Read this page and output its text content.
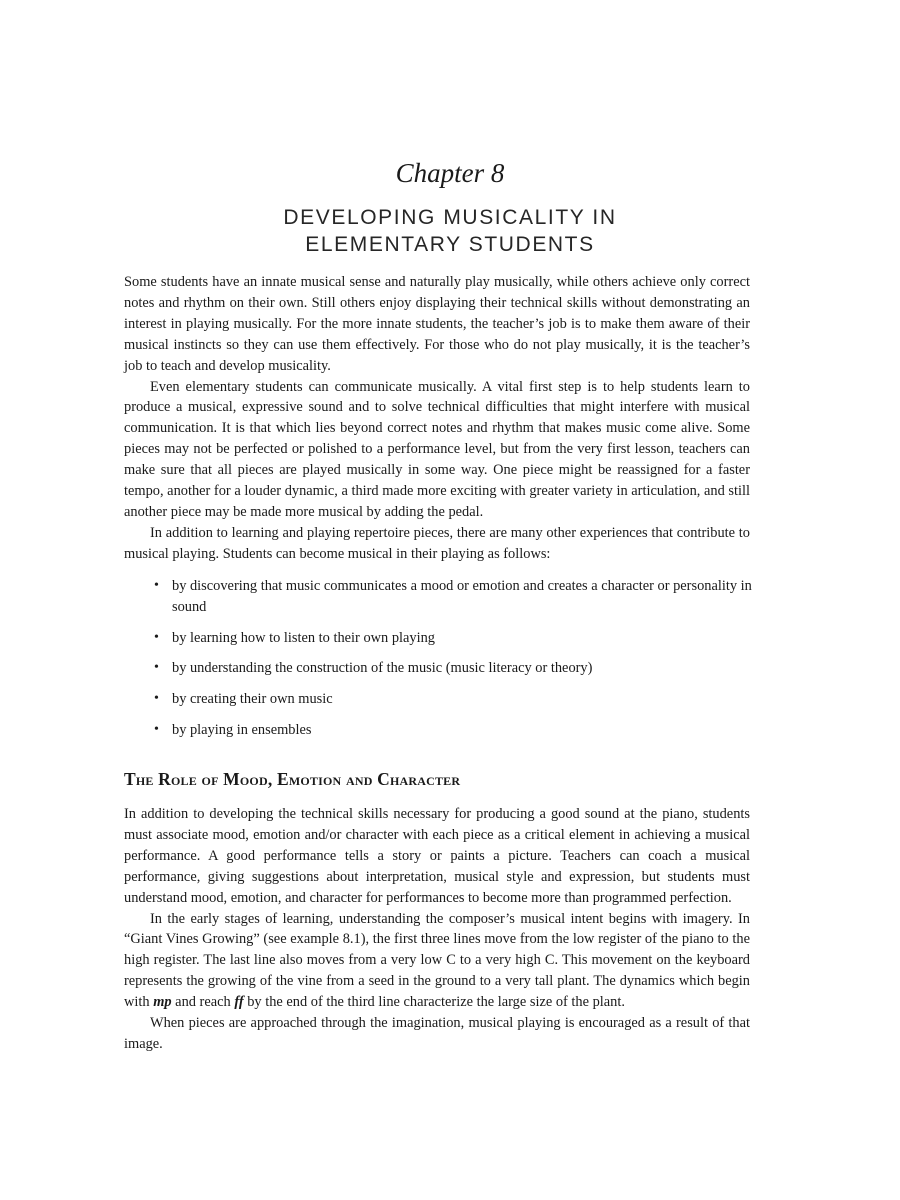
Chapter 8
DEVELOPING MUSICALITY IN
ELEMENTARY STUDENTS

Some students have an innate musical sense and naturally play musically, while others achieve only correct notes and rhythm on their own. Still others enjoy displaying their technical skills without demonstrating an interest in playing musically. For the more innate students, the teacher’s job is to make them aware of their musical instincts so they can use them effectively. For those who do not play musically, it is the teacher’s job to teach and develop musicality.

Even elementary students can communicate musically. A vital first step is to help students learn to produce a musical, expressive sound and to solve technical difficulties that might interfere with musical communication. It is that which lies beyond correct notes and rhythm that makes music come alive. Some pieces may not be perfected or polished to a performance level, but from the very first lesson, teachers can make sure that all pieces are played musically in some way. One piece might be reassigned for a faster tempo, another for a louder dynamic, a third made more exciting with greater variety in articulation, and still another piece may be made more musical by adding the pedal.

In addition to learning and playing repertoire pieces, there are many other experiences that contribute to musical playing. Students can become musical in their playing as follows:

• by discovering that music communicates a mood or emotion and creates a character or personality in sound
• by learning how to listen to their own playing
• by understanding the construction of the music (music literacy or theory)
• by creating their own music
• by playing in ensembles
The Role of Mood, Emotion and Character

In addition to developing the technical skills necessary for producing a good sound at the piano, students must associate mood, emotion and/or character with each piece as a critical element in achieving a musical performance. A good performance tells a story or paints a picture. Teachers can coach a musical performance, giving suggestions about interpretation, musical style and expression, but students must understand mood, emotion, and character for performances to become more than programmed perfection.

In the early stages of learning, understanding the composer’s musical intent begins with imagery. In “Giant Vines Growing” (see example 8.1), the first three lines move from the low register of the piano to the high register. The last line also moves from a very low C to a very high C. This movement on the keyboard represents the growing of the vine from a seed in the ground to a very tall plant. The dynamics which begin with mp and reach ff by the end of the third line characterize the large size of the plant.

When pieces are approached through the imagination, musical playing is encouraged as a result of that image.
